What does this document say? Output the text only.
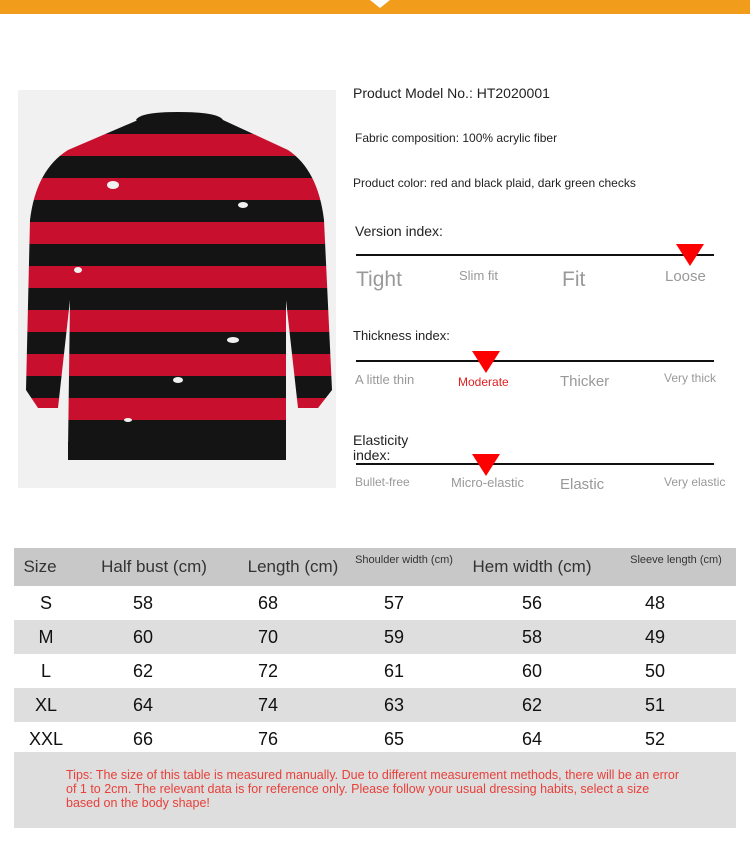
Product Model No.: HT2020001
Fabric composition: 100% acrylic fiber
Product color: red and black plaid, dark green checks
Version index:
Tight	Slim fit	Fit	Loose
Thickness index:
A little thin	Moderate	Thicker	Very thick
Elasticity index:
Bullet-free	Micro-elastic Elastic	Very elastic
Size	Half bust (cm)	Length (cm)	Shoulder width (cm)	Hem width (cm)	Sleeve length (cm)
S	58	68	57	56	48
M	60	70	59	58	49
L	62	72	61	60	50
XL	64	74	63	62	51
XXL	66	76	65	64	52
Tips: The size of this table is measured manually. Due to different measurement methods, there will be an error of 1 to 2cm. The relevant data is for reference only. Please follow your usual dressing habits, select a size based on the body shape!
